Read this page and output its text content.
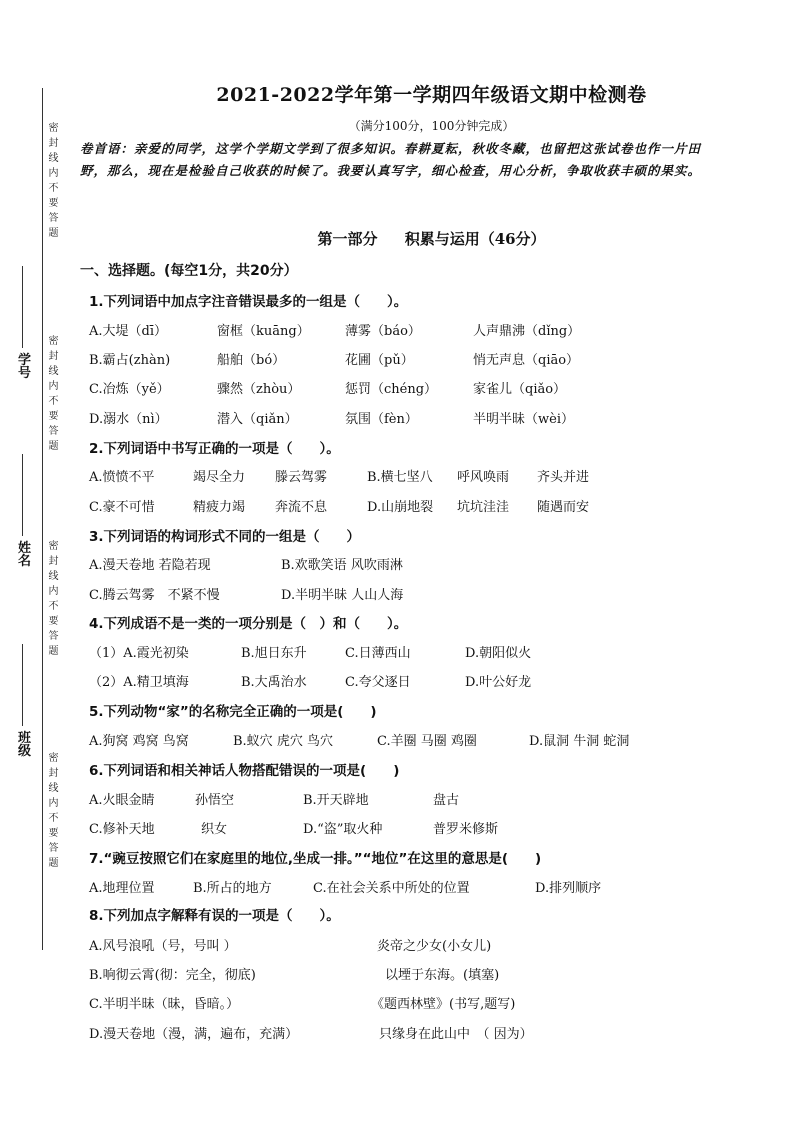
密封线内不要答题
密封线内不要答题
密封线内不要答题
密封线内不要答题
学号
姓名
班级
2021-2022学年第一学期四年级语文期中检测卷
（满分100分，100分钟完成）
卷首语：亲爱的同学，这学个学期文学到了很多知识。春耕夏耘，秋收冬藏，也留把这张试卷也作一片田野，那么，现在是检验自己收获的时候了。我要认真写字，细心检查，用心分析，争取收获丰硕的果实。
第一部分 积累与运用（46分）
一、选择题。(每空1分，共20分）
1.下列词语中加点字注音错误最多的一组是（　　）。
A.大堤（dī）	窗框（kuāng）	薄雾（báo）	人声鼎沸（dǐng）
B.霸占(zhàn)	船舶（bó）	花圃（pǔ）	悄无声息（qiāo）
C.冶炼（yě）	骤然（zhòu）	惩罚（chéng）	家雀儿（qiǎo）
D.溺水（nì）	潜入（qiǎn）	氛围（fèn）	半明半昧（wèi）
2.下列词语中书写正确的一项是（　　）。
A.愤愤不平	竭尽全力 滕云驾雾	B.横七坚八 呼风唤雨 齐头并进
C.豪不可惜	精疲力竭 奔流不息	D.山崩地裂 坑坑洼洼 随遇而安
3.下列词语的构词形式不同的一组是（　　）
A.漫天卷地 若隐若现	B.欢歌笑语 风吹雨淋
C.腾云驾雾　不紧不慢	D.半明半昧 人山人海
4.下列成语不是一类的一项分别是（　）和（　　）。
（1）A.霞光初染	B.旭日东升	C.日薄西山	D.朝阳似火
（2）A.精卫填海	B.大禹治水	C.夸父逐日	D.叶公好龙
5.下列动物“家”的名称完全正确的一项是(　　)
A.狗窝 鸡窝 鸟窝	B.蚁穴 虎穴 鸟穴	C.羊圈 马圈 鸡圈	D.鼠洞 牛洞 蛇洞
6.下列词语和相关神话人物搭配错误的一项是(　　)
A.火眼金睛	孙悟空	B.开天辟地	盘古
C.修补天地	织女	D.“盗”取火种	普罗米修斯
7.“豌豆按照它们在家庭里的地位,坐成一排。”“地位”在这里的意思是(　　)
A.地理位置	B.所占的地方	C.在社会关系中所处的位置	D.排列顺序
8.下列加点字解释有误的一项是（　　）。
A.风号浪吼（号，号叫 ）	炎帝之少女(小女儿)
B.响彻云霄(彻：完全，彻底)	以堙于东海。(填塞)
C.半明半昧（昧，昏暗。）	《题西林壁》(书写,题写)
D.漫天卷地（漫，满，遍布，充满）	只缘身在此山中　（ 因为）
